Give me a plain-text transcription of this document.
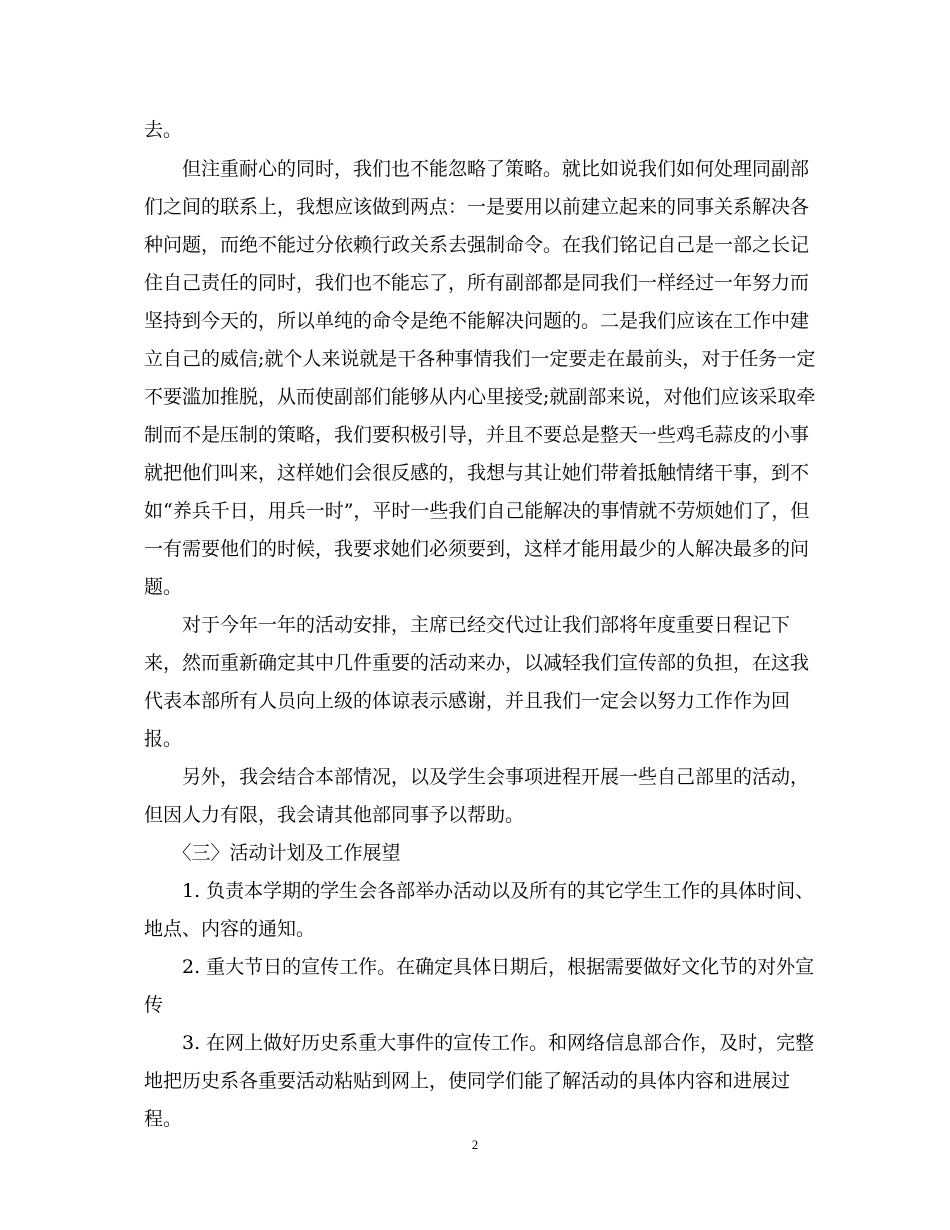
去。
　　但注重耐心的同时，我们也不能忽略了策略。就比如说我们如何处理同副部
们之间的联系上，我想应该做到两点：一是要用以前建立起来的同事关系解决各
种问题，而绝不能过分依赖行政关系去强制命令。在我们铭记自己是一部之长记
住自己责任的同时，我们也不能忘了，所有副部都是同我们一样经过一年努力而
坚持到今天的，所以单纯的命令是绝不能解决问题的。二是我们应该在工作中建
立自己的威信;就个人来说就是干各种事情我们一定要走在最前头，对于任务一定
不要滥加推脱，从而使副部们能够从内心里接受;就副部来说，对他们应该采取牵
制而不是压制的策略，我们要积极引导，并且不要总是整天一些鸡毛蒜皮的小事
就把他们叫来，这样她们会很反感的，我想与其让她们带着抵触情绪干事，到不
如“养兵千日，用兵一时”，平时一些我们自己能解决的事情就不劳烦她们了，但
一有需要他们的时候，我要求她们必须要到，这样才能用最少的人解决最多的问
题。
　　对于今年一年的活动安排，主席已经交代过让我们部将年度重要日程记下
来，然而重新确定其中几件重要的活动来办，以减轻我们宣传部的负担，在这我
代表本部所有人员向上级的体谅表示感谢，并且我们一定会以努力工作作为回
报。
　　另外，我会结合本部情况，以及学生会事项进程开展一些自己部里的活动，
但因人力有限，我会请其他部同事予以帮助。
　　〈三〉活动计划及工作展望
　　1. 负责本学期的学生会各部举办活动以及所有的其它学生工作的具体时间、
地点、内容的通知。
　　2. 重大节日的宣传工作。在确定具体日期后，根据需要做好文化节的对外宣
传
　　3. 在网上做好历史系重大事件的宣传工作。和网络信息部合作，及时，完整
地把历史系各重要活动粘贴到网上，使同学们能了解活动的具体内容和进展过
程。
2
